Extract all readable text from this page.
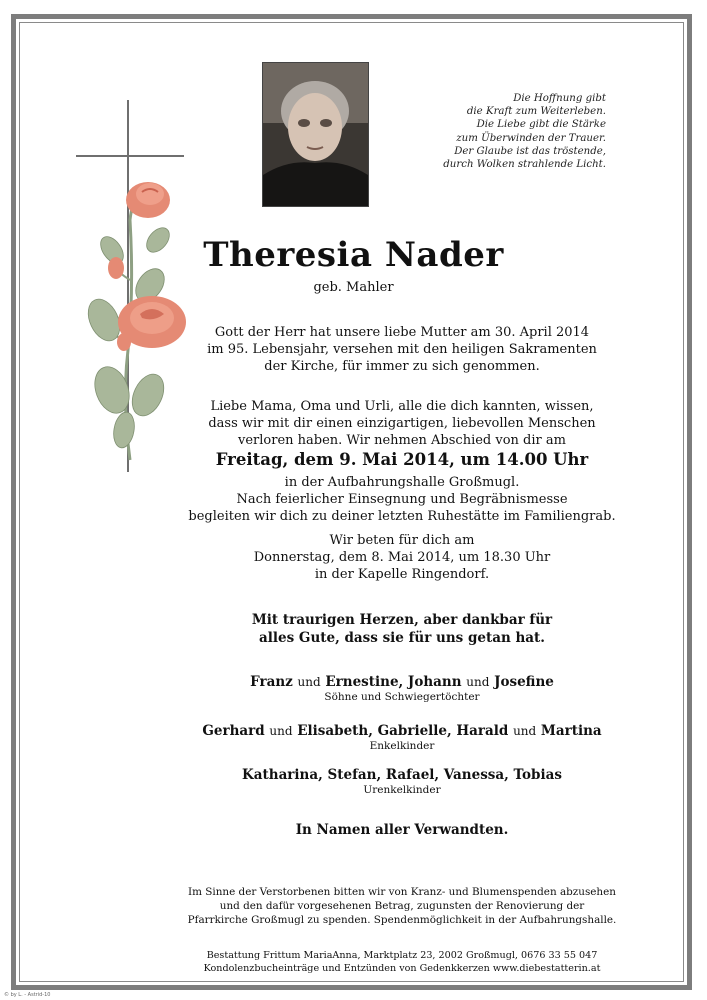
Die Hoffnung gibt
die Kraft zum Weiterleben.
Die Liebe gibt die Stärke
zum Überwinden der Trauer.
Der Glaube ist das tröstende,
durch Wolken strahlende Licht.
Theresia Nader
geb. Mahler
Gott der Herr hat unsere liebe Mutter am 30. April 2014
im 95. Lebensjahr, versehen mit den heiligen Sakramenten
der Kirche, für immer zu sich genommen.
Liebe Mama, Oma und Urli, alle die dich kannten, wissen,
dass wir mit dir einen einzigartigen, liebevollen Menschen
verloren haben. Wir nehmen Abschied von dir am
Freitag, dem 9. Mai 2014, um 14.00 Uhr
in der Aufbahrungshalle Großmugl.
Nach feierlicher Einsegnung und Begräbnismesse
begleiten wir dich zu deiner letzten Ruhestätte im Familiengrab.
Wir beten für dich am
Donnerstag, dem 8. Mai 2014, um 18.30 Uhr
in der Kapelle Ringendorf.
Mit traurigen Herzen, aber dankbar für
alles Gute, dass sie für uns getan hat.
Franz und Ernestine, Johann und Josefine
Söhne und Schwiegertöchter
Gerhard und Elisabeth, Gabrielle, Harald und Martina
Enkelkinder
Katharina, Stefan, Rafael, Vanessa, Tobias
Urenkelkinder
In Namen aller Verwandten.
Im Sinne der Verstorbenen bitten wir von Kranz- und Blumenspenden abzusehen
und den dafür vorgesehenen Betrag, zugunsten der Renovierung der
Pfarrkirche Großmugl zu spenden. Spendenmöglichkeit in der Aufbahrungshalle.
Bestattung Frittum MariaAnna, Marktplatz 23, 2002 Großmugl, 0676 33 55 047
Kondolenzbucheinträge und Entzünden von Gedenkkerzen www.diebestatterin.at
© by L. - Astrid-10
